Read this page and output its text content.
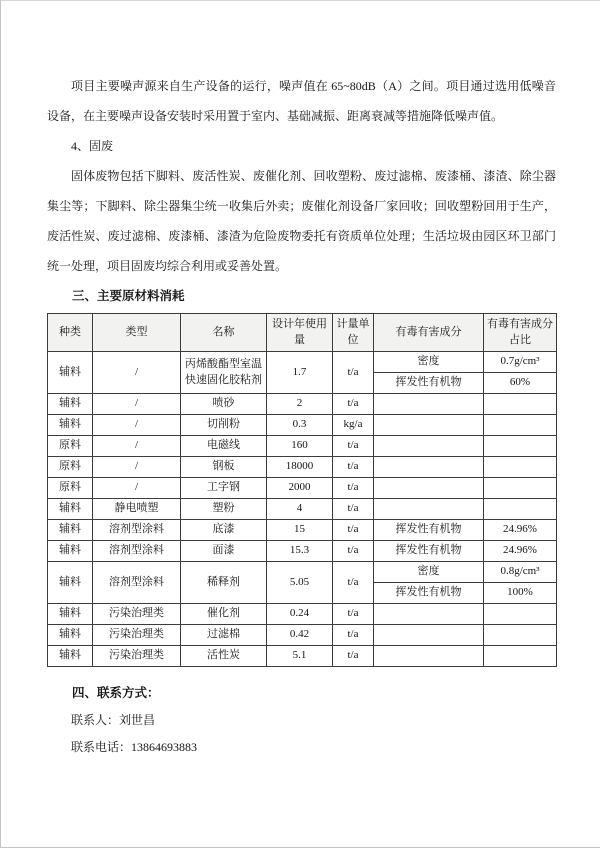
项目主要噪声源来自生产设备的运行，噪声值在 65~80dB（A）之间。项目通过选用低噪音设备，在主要噪声设备安装时采用置于室内、基础减振、距离衰减等措施降低噪声值。

4、固废

固体废物包括下脚料、废活性炭、废催化剂、回收塑粉、废过滤棉、废漆桶、漆渣、除尘器集尘等；下脚料、除尘器集尘统一收集后外卖；废催化剂设备厂家回收；回收塑粉回用于生产，废活性炭、废过滤棉、废漆桶、漆渣为危险废物委托有资质单位处理；生活垃圾由园区环卫部门统一处理，项目固废均综合利用或妥善处置。

三、主要原材料消耗
种类	类型	名称	设计年使用量	计量单位	有毒有害成分	有毒有害成分占比
辅料	/	丙烯酸酯型室温快速固化胶粘剂	1.7	t/a	密度	0.7g/cm³
					挥发性有机物	60%
辅料	/	喷砂	2	t/a		
辅料	/	切削粉	0.3	kg/a		
原料	/	电磁线	160	t/a		
原料	/	钢板	18000	t/a		
原料	/	工字钢	2000	t/a		
辅料	静电喷塑	塑粉	4	t/a		
辅料	溶剂型涂料	底漆	15	t/a	挥发性有机物	24.96%
辅料	溶剂型涂料	面漆	15.3	t/a	挥发性有机物	24.96%
辅料	溶剂型涂料	稀释剂	5.05	t/a	密度	0.8g/cm³
					挥发性有机物	100%
辅料	污染治理类	催化剂	0.24	t/a		
辅料	污染治理类	过滤棉	0.42	t/a		
辅料	污染治理类	活性炭	5.1	t/a		
四、联系方式：
联系人：刘世昌
联系电话：13864693883
